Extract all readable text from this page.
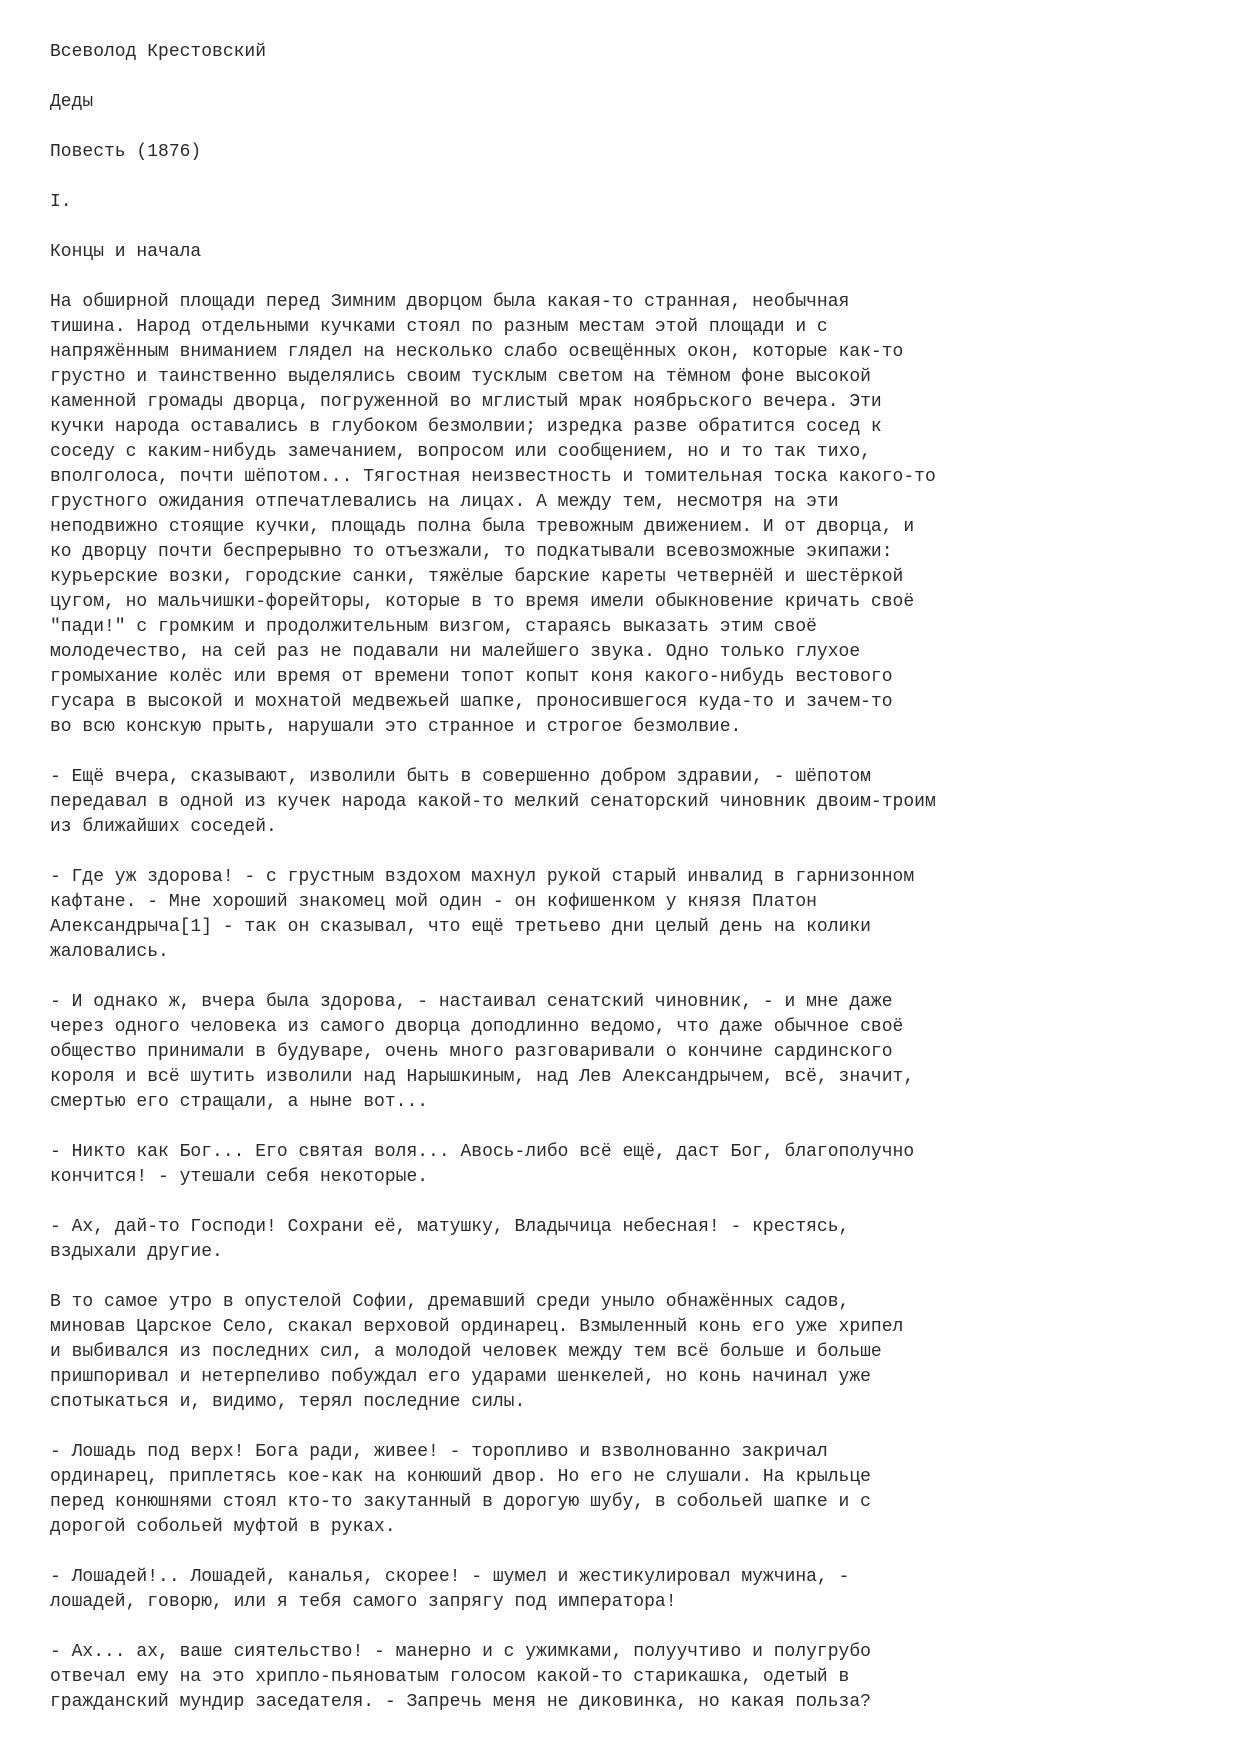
Всеволод Крестовский
Деды
Повесть (1876)
I.
Концы и начала
На обширной площади перед Зимним дворцом была какая-то странная, необычная
тишина. Народ отдельными кучками стоял по разным местам этой площади и с
напряжённым вниманием глядел на несколько слабо освещённых окон, которые как-то
грустно и таинственно выделялись своим тусклым светом на тёмном фоне высокой
каменной громады дворца, погруженной во мглистый мрак ноябрьского вечера. Эти
кучки народа оставались в глубоком безмолвии; изредка разве обратится сосед к
соседу с каким-нибудь замечанием, вопросом или сообщением, но и то так тихо,
вполголоса, почти шёпотом... Тягостная неизвестность и томительная тоска какого-то
грустного ожидания отпечатлевались на лицах. А между тем, несмотря на эти
неподвижно стоящие кучки, площадь полна была тревожным движением. И от дворца, и
ко дворцу почти беспрерывно то отъезжали, то подкатывали всевозможные экипажи:
курьерские возки, городские санки, тяжёлые барские кареты четвернёй и шестёркой
цугом, но мальчишки-форейторы, которые в то время имели обыкновение кричать своё
"пади!" с громким и продолжительным визгом, стараясь выказать этим своё
молодечество, на сей раз не подавали ни малейшего звука. Одно только глухое
громыхание колёс или время от времени топот копыт коня какого-нибудь вестового
гусара в высокой и мохнатой медвежьей шапке, проносившегося куда-то и зачем-то
во всю конскую прыть, нарушали это странное и строгое безмолвие.
- Ещё вчера, сказывают, изволили быть в совершенно добром здравии, - шёпотом
передавал в одной из кучек народа какой-то мелкий сенаторский чиновник двоим-троим
из ближайших соседей.
- Где уж здорова! - с грустным вздохом махнул рукой старый инвалид в гарнизонном
кафтане. - Мне хороший знакомец мой один - он кофишенком у князя Платон
Александрыча[1] - так он сказывал, что ещё третьево дни целый день на колики
жаловались.
- И однако ж, вчера была здорова, - настаивал сенатский чиновник, - и мне даже
через одного человека из самого дворца доподлинно ведомо, что даже обычное своё
общество принимали в будуваре, очень много разговаривали о кончине сардинского
короля и всё шутить изволили над Нарышкиным, над Лев Александрычем, всё, значит,
смертью его стращали, а ныне вот...
- Никто как Бог... Его святая воля... Авось-либо всё ещё, даст Бог, благополучно
кончится! - утешали себя некоторые.
- Ах, дай-то Господи! Сохрани её, матушку, Владычица небесная! - крестясь,
вздыхали другие.
В то самое утро в опустелой Софии, дремавший среди уныло обнажённых садов,
миновав Царское Село, скакал верховой ординарец. Взмыленный конь его уже хрипел
и выбивался из последних сил, а молодой человек между тем всё больше и больше
пришпоривал и нетерпеливо побуждал его ударами шенкелей, но конь начинал уже
спотыкаться и, видимо, терял последние силы.
- Лошадь под верх! Бога ради, живее! - торопливо и взволнованно закричал
ординарец, приплетясь кое-как на конюший двор. Но его не слушали. На крыльце
перед конюшнями стоял кто-то закутанный в дорогую шубу, в собольей шапке и с
дорогой собольей муфтой в руках.
- Лошадей!.. Лошадей, каналья, скорее! - шумел и жестикулировал мужчина, -
лошадей, говорю, или я тебя самого запрягу под императора!
- Ах... ах, ваше сиятельство! - манерно и с ужимками, полуучтиво и полугрубо
отвечал ему на это хрипло-пьяноватым голосом какой-то старикашка, одетый в
гражданский мундир заседателя. - Запречь меня не диковинка, но какая польза?
